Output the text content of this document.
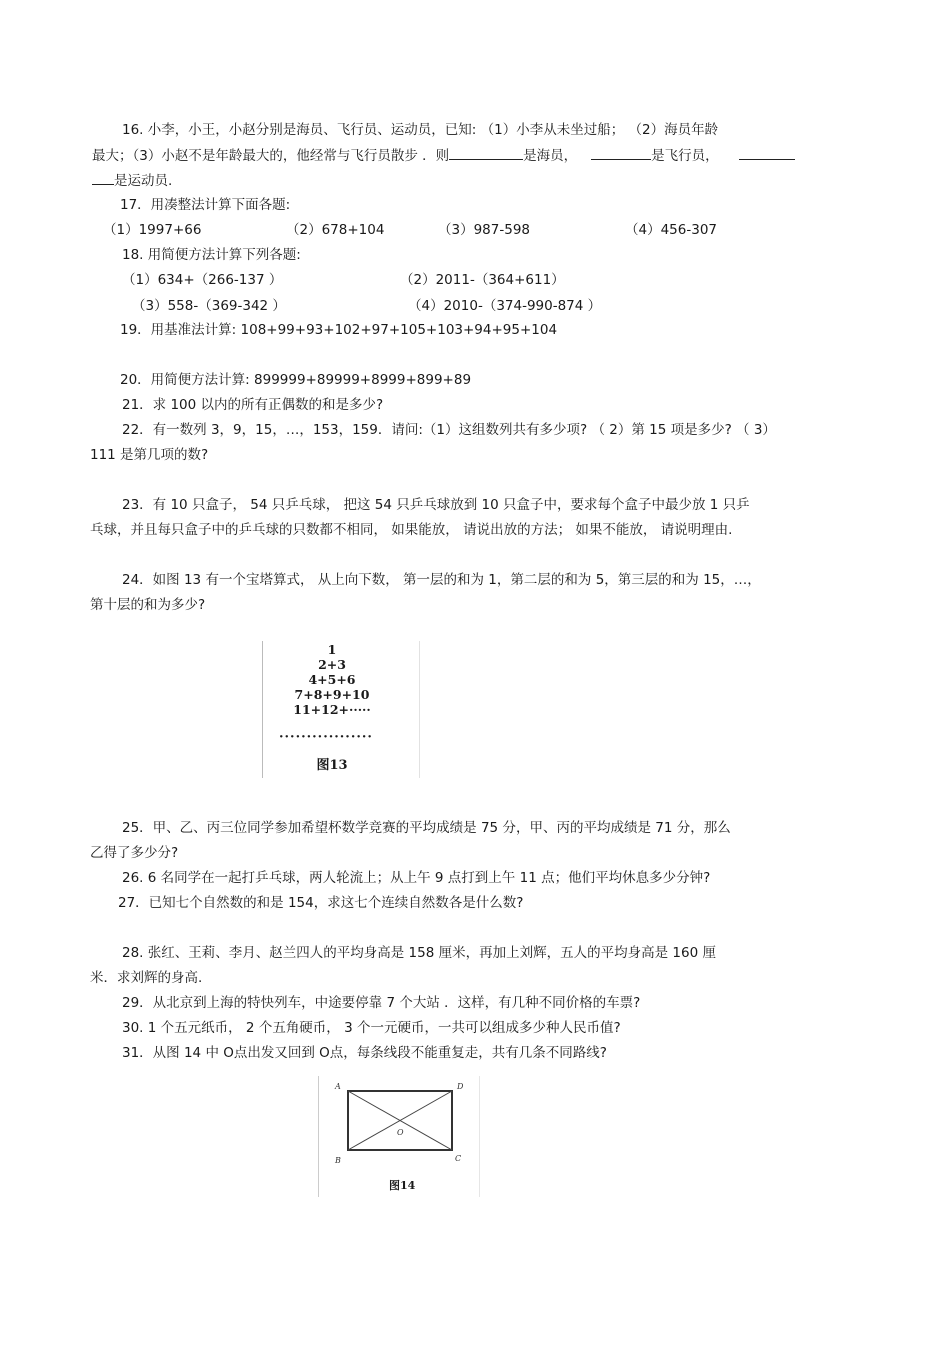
16. 小李，小王，小赵分别是海员、飞行员、运动员，已知: （1）小李从未坐过船； （2）海员年龄
最大；（3）小赵不是年龄最大的，他经常与飞行员散步 ．则	是海员，	是飞行员，
是运动员.
17．用凑整法计算下面各题:
（1）1997+66	（2）678+104	（3）987-598	（4）456-307
18. 用简便方法计算下列各题:
（1）634+（266-137 ）	（2）2011-（364+611）
（3）558-（369-342 ）	（4）2010-（374-990-874 ）
19．用基准法计算: 108+99+93+102+97+105+103+94+95+104
20．用简便方法计算: 899999+89999+8999+899+89
21．求 100 以内的所有正偶数的和是多少?
22．有一数列 3，9，15，…，153，159．请问:（1）这组数列共有多少项? （ 2）第 15 项是多少? （ 3）
111 是第几项的数?
23．有 10 只盒子， 54 只乒乓球， 把这 54 只乒乓球放到 10 只盒子中，要求每个盒子中最少放 1 只乒
乓球，并且每只盒子中的乒乓球的只数都不相同， 如果能放， 请说出放的方法； 如果不能放， 请说明理由.
24．如图 13 有一个宝塔算式， 从上向下数， 第一层的和为 1，第二层的和为 5，第三层的和为 15，…，
第十层的和为多少?
1
2+3
4+5+6
7+8+9+10
11+12+·····
·················
图13
25．甲、乙、丙三位同学参加希望杯数学竞赛的平均成绩是 75 分，甲、丙的平均成绩是 71 分，那么
乙得了多少分?
26. 6 名同学在一起打乒乓球，两人轮流上；从上午 9 点打到上午 11 点；他们平均休息多少分钟?
27．已知七个自然数的和是 154，求这七个连续自然数各是什么数?
28. 张红、王莉、李月、赵兰四人的平均身高是 158 厘米，再加上刘辉，五人的平均身高是 160 厘
米．求刘辉的身高.
29．从北京到上海的特快列车，中途要停靠 7 个大站 ．这样，有几种不同价格的车票?
30. 1 个五元纸币， 2 个五角硬币， 3 个一元硬币，一共可以组成多少种人民币值?
31．从图 14 中 O点出发又回到 O点，每条线段不能重复走，共有几条不同路线?
A	D
B	C
O
图14
